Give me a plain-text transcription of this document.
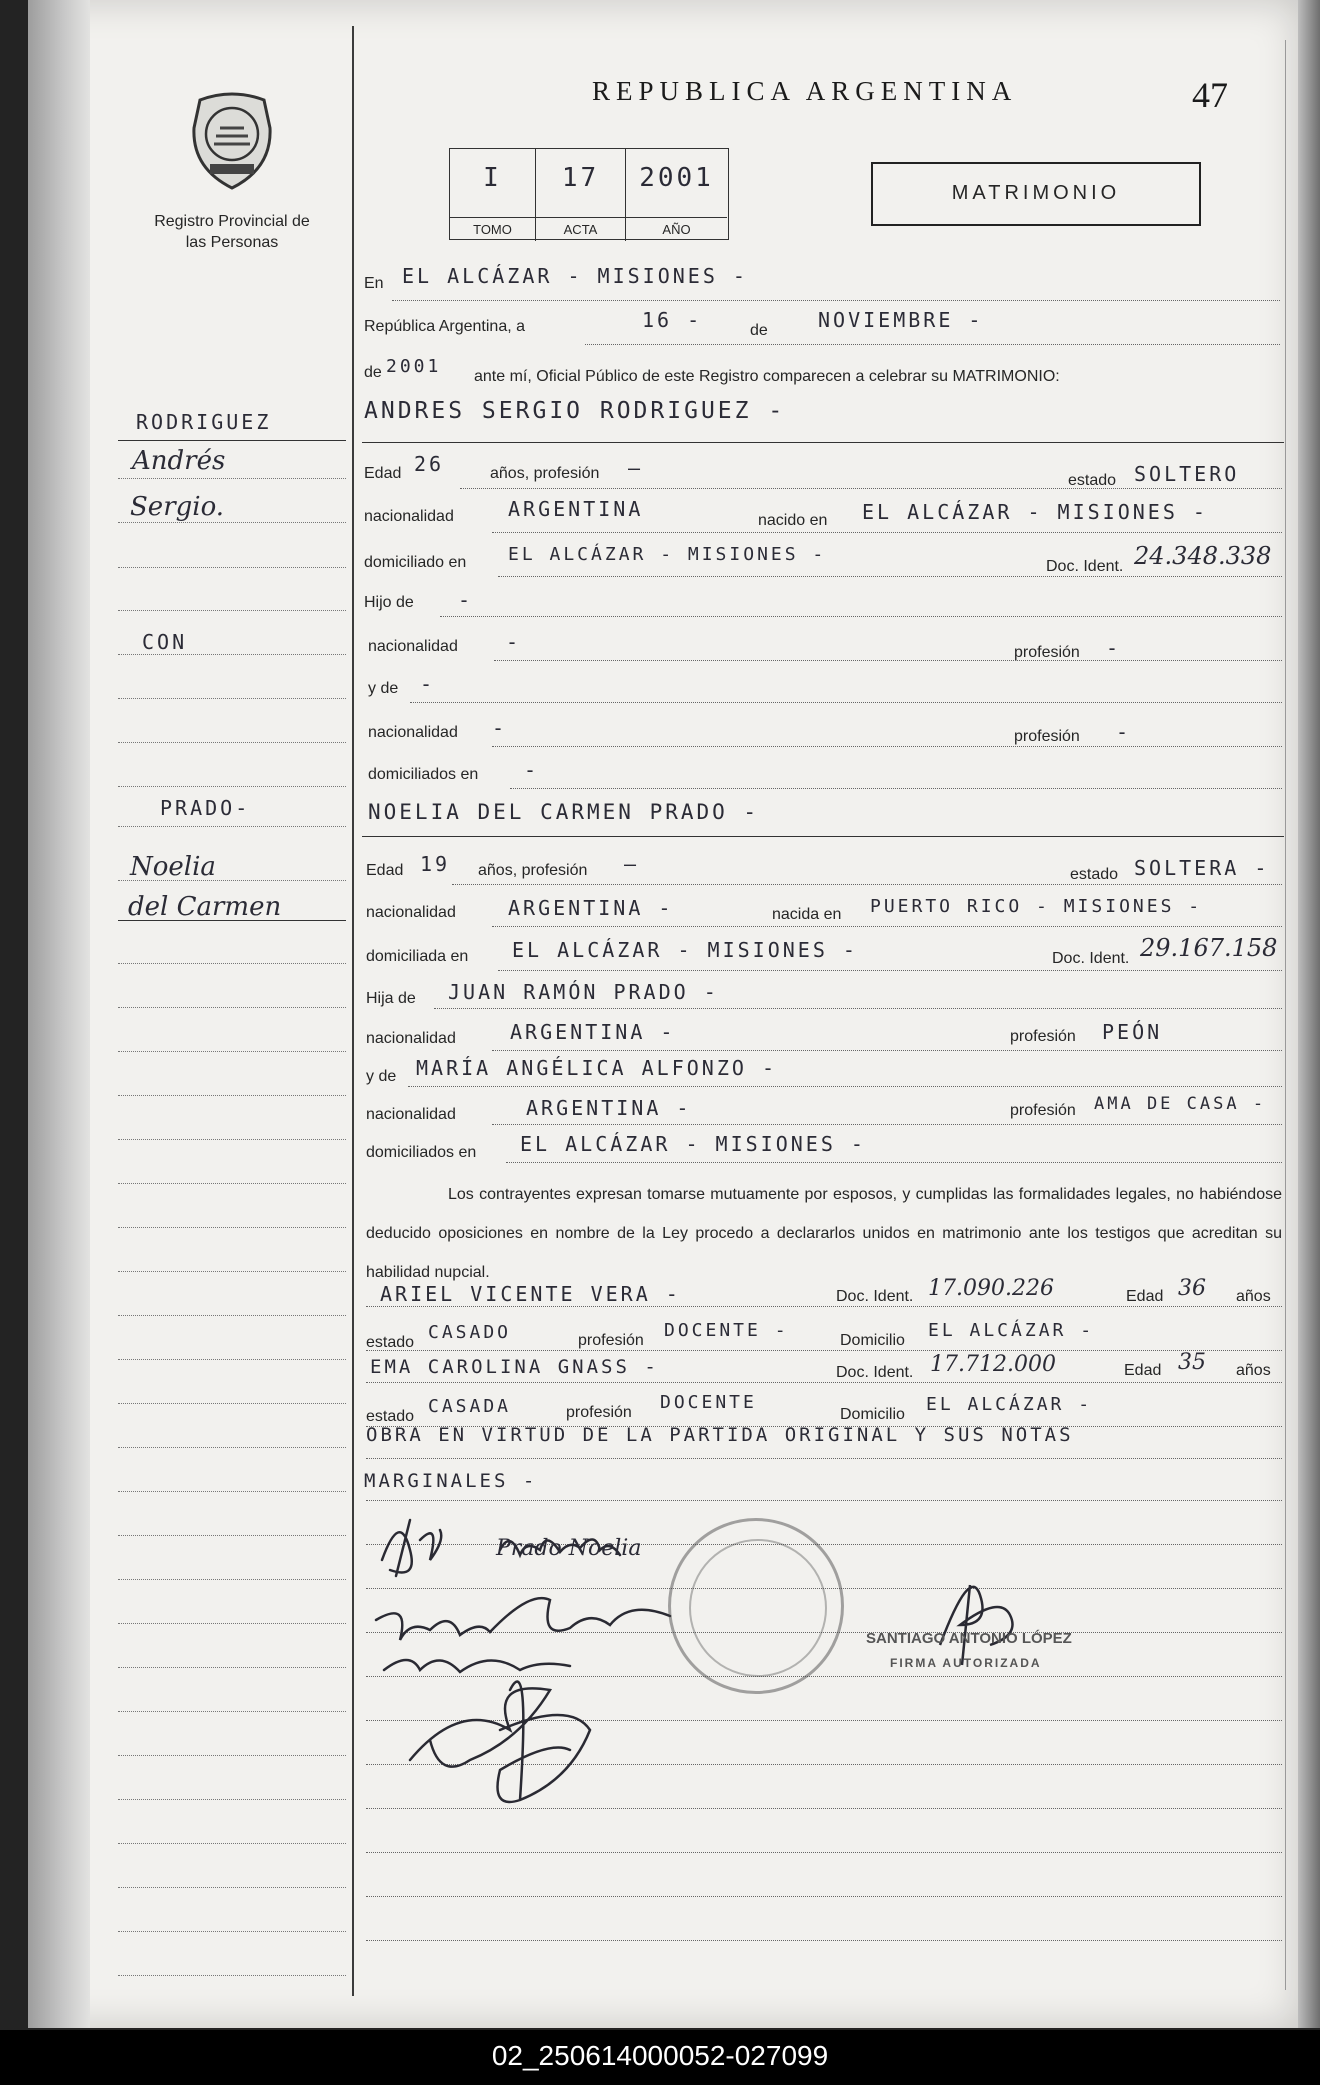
Registro Provincial de las Personas
REPUBLICA ARGENTINA	47
I
TOMO
17
ACTA
2001
AÑO
MATRIMONIO
RODRIGUEZ
Andrés
Sergio.
CON
PRADO-
Noelia
del Carmen
En EL ALCÁZAR - MISIONES -
República Argentina, a	16 -	de	NOVIEMBRE -
de 2001 ante mí, Oficial Público de este Registro comparecen a celebrar su MATRIMONIO:
ANDRES SERGIO RODRIGUEZ -
Edad 26	años, profesión —
estado SOLTERO
nacionalidad	ARGENTINA	nacido en EL ALCÁZAR - MISIONES -
domiciliado en EL ALCÁZAR - MISIONES -
Doc. Ident. 24.348.338
Hijo de -
nacionalidad -	profesión -
y de -
nacionalidad -	profesión -
domiciliados en -
NOELIA DEL CARMEN PRADO -
Edad 19 años, profesión —	estado SOLTERA -
nacionalidad	ARGENTINA -	nacida en PUERTO RICO - MISIONES -
domiciliada en EL ALCÁZAR - MISIONES -	Doc. Ident. 29.167.158
Hija de JUAN RAMÓN PRADO -
nacionalidad	ARGENTINA -	profesión PEÓN
y de MARÍA ANGÉLICA ALFONZO -
nacionalidad	ARGENTINA -	profesión AMA DE CASA -
domiciliados en EL ALCÁZAR - MISIONES -
Los contrayentes expresan tomarse mutuamente por esposos, y cumplidas las formalidades legales, no habiéndose deducido oposiciones en nombre de la Ley procedo a declararlos unidos en matrimonio ante los testigos que acreditan su habilidad nupcial.
ARIEL VICENTE VERA -	Doc. Ident. 17.090.226	Edad 36 años
estado CASADO	profesión DOCENTE -	Domicilio EL ALCÁZAR -
EMA CAROLINA GNASS -	Doc. Ident. 17.712.000	Edad 35 años
estado CASADA	profesión DOCENTE
Domicilio EL ALCÁZAR -
OBRA EN VIRTUD DE LA PARTIDA ORIGINAL Y SUS NOTAS
MARGINALES -
SANTIAGO ANTONIO LÓPEZ
FIRMA AUTORIZADA
Prado Noelia
02_250614000052-027099
